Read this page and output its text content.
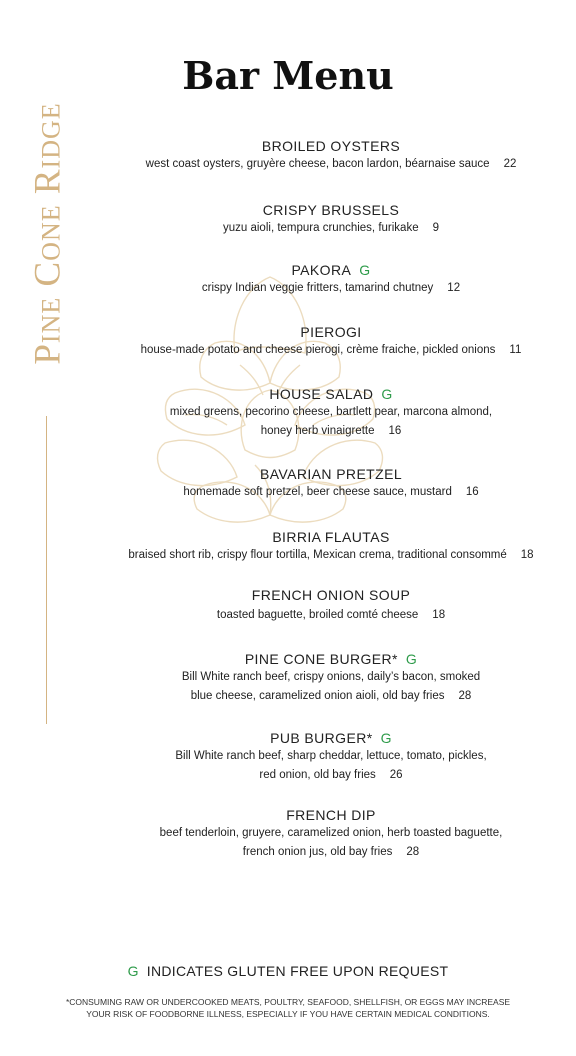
Pine Cone Ridge
Bar Menu
BROILED OYSTERS
west coast oysters, gruyère cheese, bacon lardon, béarnaise sauce 22
CRISPY BRUSSELS
yuzu aioli, tempura crunchies, furikake 9
PAKORA G
crispy Indian veggie fritters, tamarind chutney 12
PIEROGI
house-made potato and cheese pierogi, crème fraiche, pickled onions 11
HOUSE SALAD G
mixed greens, pecorino cheese, bartlett pear, marcona almond,
honey herb vinaigrette 16
BAVARIAN PRETZEL
homemade soft pretzel, beer cheese sauce, mustard 16
BIRRIA FLAUTAS
braised short rib, crispy flour tortilla, Mexican crema, traditional consommé 18
FRENCH ONION SOUP
toasted baguette, broiled comté cheese 18
PINE CONE BURGER* G
Bill White ranch beef, crispy onions, daily’s bacon, smoked
blue cheese, caramelized onion aioli, old bay fries 28
PUB BURGER* G
Bill White ranch beef, sharp cheddar, lettuce, tomato, pickles,
red onion, old bay fries 26
FRENCH DIP
beef tenderloin, gruyere, caramelized onion, herb toasted baguette,
french onion jus, old bay fries 28
G INDICATES GLUTEN FREE UPON REQUEST
*CONSUMING RAW OR UNDERCOOKED MEATS, POULTRY, SEAFOOD, SHELLFISH, OR EGGS MAY INCREASE
YOUR RISK OF FOODBORNE ILLNESS, ESPECIALLY IF YOU HAVE CERTAIN MEDICAL CONDITIONS.
